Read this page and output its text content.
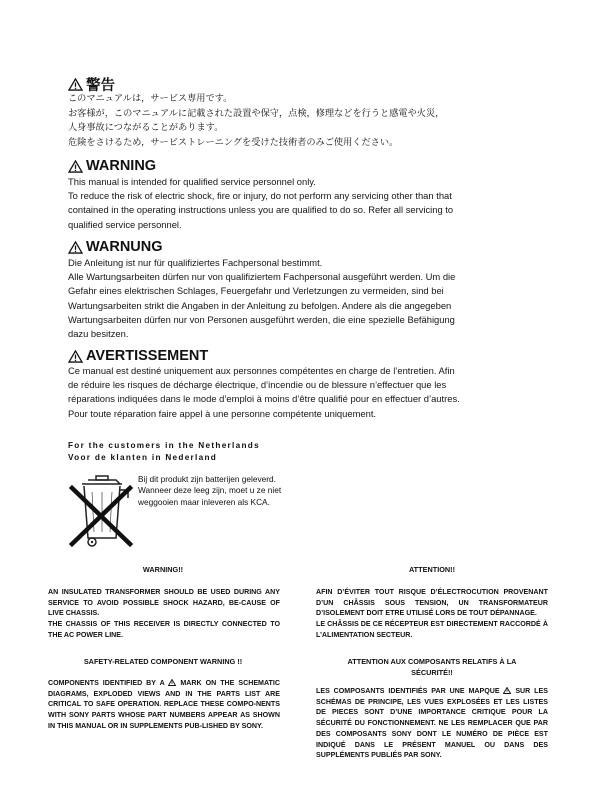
警告
このマニュアルは，サービス専用です。
お客様が，このマニュアルに記載された設置や保守，点検，修理などを行うと感電や火災，
人身事故につながることがあります。
危険をさけるため，サービストレーニングを受けた技術者のみご使用ください。
WARNING
This manual is intended for qualified service personnel only.
To reduce the risk of electric shock, fire or injury, do not perform any servicing other than that
contained in the operating instructions unless you are qualified to do so. Refer all servicing to
qualified service personnel.
WARNUNG
Die Anleitung ist nur für qualifiziertes Fachpersonal bestimmt.
Alle Wartungsarbeiten dürfen nur von qualifiziertem Fachpersonal ausgeführt werden. Um die
Gefahr eines elektrischen Schlages, Feuergefahr und Verletzungen zu vermeiden, sind bei
Wartungsarbeiten strikt die Angaben in der Anleitung zu befolgen. Andere als die angegeben
Wartungsarbeiten dürfen nur von Personen ausgeführt werden, die eine spezielle Befähigung
dazu besitzen.
AVERTISSEMENT
Ce manual est destiné uniquement aux personnes compétentes en charge de l’entretien. Afin
de réduire les risques de décharge électrique, d’incendie ou de blessure n’effectuer que les
réparations indiquées dans le mode d’emploi à moins d’être qualifié pour en effectuer d’autres.
Pour toute réparation faire appel à une personne compétente uniquement.
For the customers in the Netherlands
Voor de klanten in Nederland
Bij dit produkt zijn batterijen geleverd.
Wanneer deze leeg zijn, moet u ze niet
weggooien maar inleveren als KCA.
WARNING!!

AN INSULATED TRANSFORMER SHOULD BE USED DURING ANY SERVICE TO AVOID POSSIBLE SHOCK HAZARD, BE-CAUSE OF LIVE CHASSIS.

THE CHASSIS OF THIS RECEIVER IS DIRECTLY CONNECTED TO THE AC POWER LINE.

SAFETY-RELATED COMPONENT WARNING !!
COMPONENTS IDENTIFIED BY A MARK ON THE SCHEMATIC DIAGRAMS, EXPLODED VIEWS AND IN THE PARTS LIST ARE CRITICAL TO SAFE OPERATION. REPLACE THESE COMPO-NENTS WITH SONY PARTS WHOSE PART NUMBERS APPEAR AS SHOWN IN THIS MANUAL OR IN SUPPLEMENTS PUB-LISHED BY SONY.
ATTENTION!!

AFIN D’ÉVITER TOUT RISQUE D’ÉLECTROCUTION PROVENANT D’UN CHÂSSIS SOUS TENSION, UN TRANSFORMATEUR D’ISOLEMENT DOIT ETRE UTILISÉ LORS DE TOUT DÉPANNAGE.

LE CHÂSSIS DE CE RÉCEPTEUR EST DIRECTEMENT RACCORDÉ À L’ALIMENTATION SECTEUR.

ATTENTION AUX COMPOSANTS RELATIFS À LA
SÉCURITÉ!!
LES COMPOSANTS IDENTIFIÉS PAR UNE MAPQUE SUR LES SCHÉMAS DE PRINCIPE, LES VUES EXPLOSÉES ET LES LISTES DE PIECES SONT D’UNE IMPORTANCE CRITIQUE POUR LA SÉCURITÉ DU FONCTIONNEMENT. NE LES REMPLACER QUE PAR DES COMPOSANTS SONY DONT LE NUMÉRO DE PIÈCE EST INDIQUÉ DANS LE PRÉSENT MANUEL OU DANS DES SUPPLÉMENTS PUBLIÉS PAR SONY.
